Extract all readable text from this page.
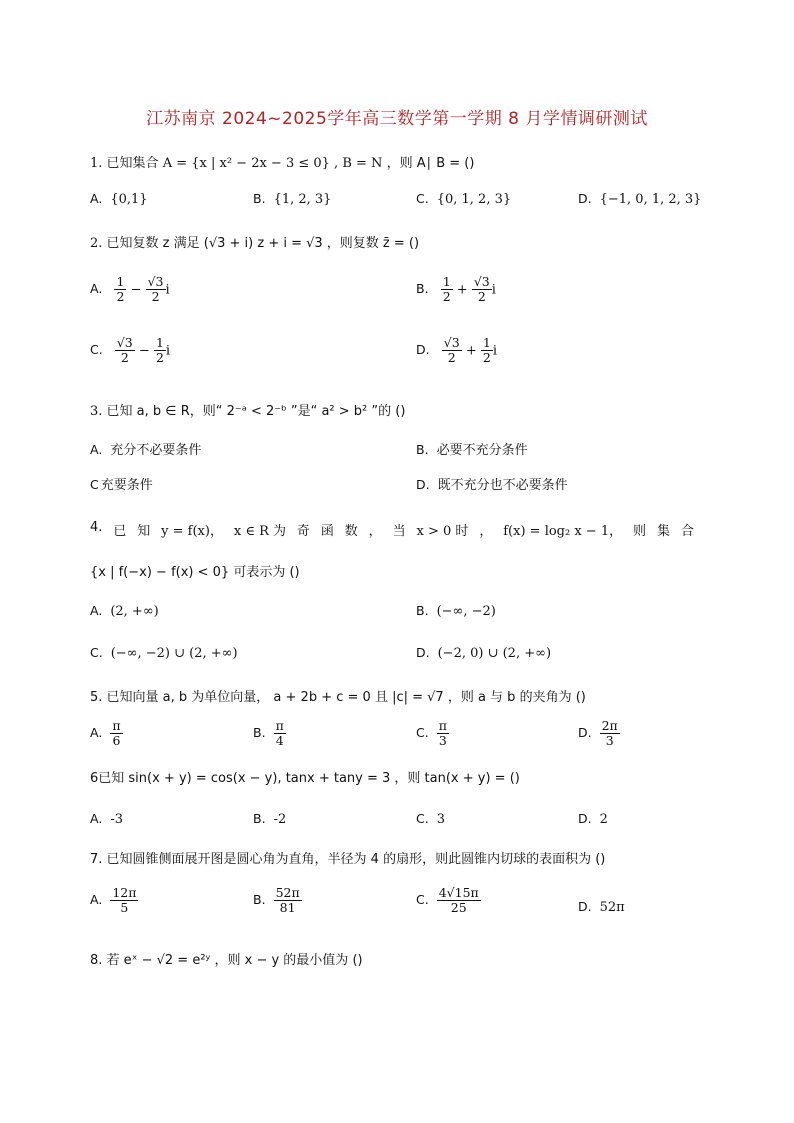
江苏南京 2024~2025学年高三数学第一学期 8 月学情调研测试
1. 已知集合 A = {x | x² − 2x − 3 ≤ 0} , B = N ，则 A∣ B = ()
A. {0,1}	B. {1, 2, 3}	C. {0, 1, 2, 3}	D. {−1, 0, 1, 2, 3}
2. 已知复数 z 满足 (√3 + i) z + i = √3 ，则复数 z̄ = ()
A. $\frac{1}{2} - \frac{√3}{2}$ i	B. $\frac{1}{2} + \frac{√3}{2}$ i
C. $\frac{√3}{2} - \frac{1}{2}$ i	D. $\frac{√3}{2} + \frac{1}{2}$ i
3. 已知 a, b ∈ R，则“ 2⁻ᵃ < 2⁻ᵇ ”是“ a² > b² ”的 ()
A. 充分不必要条件	B. 必要不充分条件
C 充要条件	D. 既不充分也不必要条件
4. 已 知 y = f(x)， x ∈ R 为 奇 函 数 ， 当 x > 0 时 ， f(x) = log₂ x − 1， 则 集 合
{x | f(−x) − f(x) < 0} 可表示为 ()
A. (2, +∞)	B. (−∞, −2)
C. (−∞, −2) ∪ (2, +∞)	D. (−2, 0) ∪ (2, +∞)
5. 已知向量 a, b 为单位向量， a + 2b + c = 0 且 |c| = √7 ，则 a 与 b 的夹角为 ()
A. $\frac{\pi}{6}$	B. $\frac{\pi}{4}$	C. $\frac{\pi}{3}$	D. $\frac{2\pi}{3}$
6已知 sin(x + y) = cos(x − y), tanx + tany = 3 ，则 tan(x + y) = ()
A. -3	B. -2	C. 3	D. 2
7. 已知圆锥侧面展开图是圆心角为直角，半径为 4 的扇形，则此圆锥内切球的表面积为 ()
A. $\frac{12\pi}{5}$	B. $\frac{52\pi}{81}$	C. $\frac{4√15\pi}{25}$	D. 52π
8. 若 eˣ − √2 = e²ʸ ，则 x − y 的最小值为 ()
